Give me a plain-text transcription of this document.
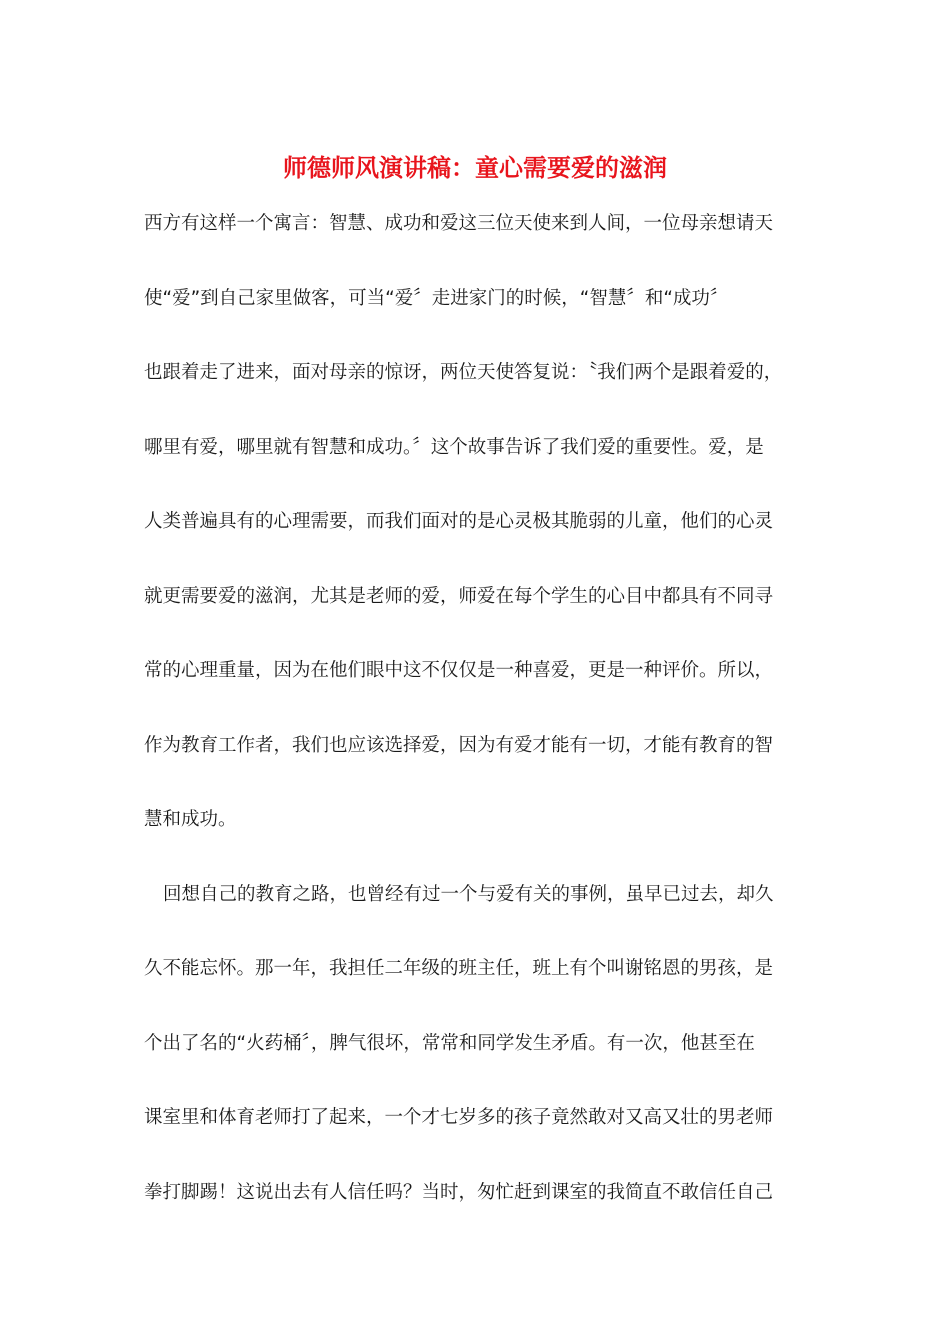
师德师风演讲稿：童心需要爱的滋润
西方有这样一个寓言：智慧、成功和爱这三位天使来到人间，一位母亲想请天
使“爱”到自己家里做客，可当“爱〞走进家门的时候，“智慧〞和“成功〞
也跟着走了进来，面对母亲的惊讶，两位天使答复说：〝我们两个是跟着爱的，
哪里有爱，哪里就有智慧和成功。〞这个故事告诉了我们爱的重要性。爱，是
人类普遍具有的心理需要，而我们面对的是心灵极其脆弱的儿童，他们的心灵
就更需要爱的滋润，尤其是老师的爱，师爱在每个学生的心目中都具有不同寻
常的心理重量，因为在他们眼中这不仅仅是一种喜爱，更是一种评价。所以，
作为教育工作者，我们也应该选择爱，因为有爱才能有一切，才能有教育的智
慧和成功。
回想自己的教育之路，也曾经有过一个与爱有关的事例，虽早已过去，却久
久不能忘怀。那一年，我担任二年级的班主任，班上有个叫谢铭恩的男孩，是
个出了名的“火药桶〞，脾气很坏，常常和同学发生矛盾。有一次，他甚至在
课室里和体育老师打了起来，一个才七岁多的孩子竟然敢对又高又壮的男老师
拳打脚踢！这说出去有人信任吗？当时，匆忙赶到课室的我简直不敢信任自己
